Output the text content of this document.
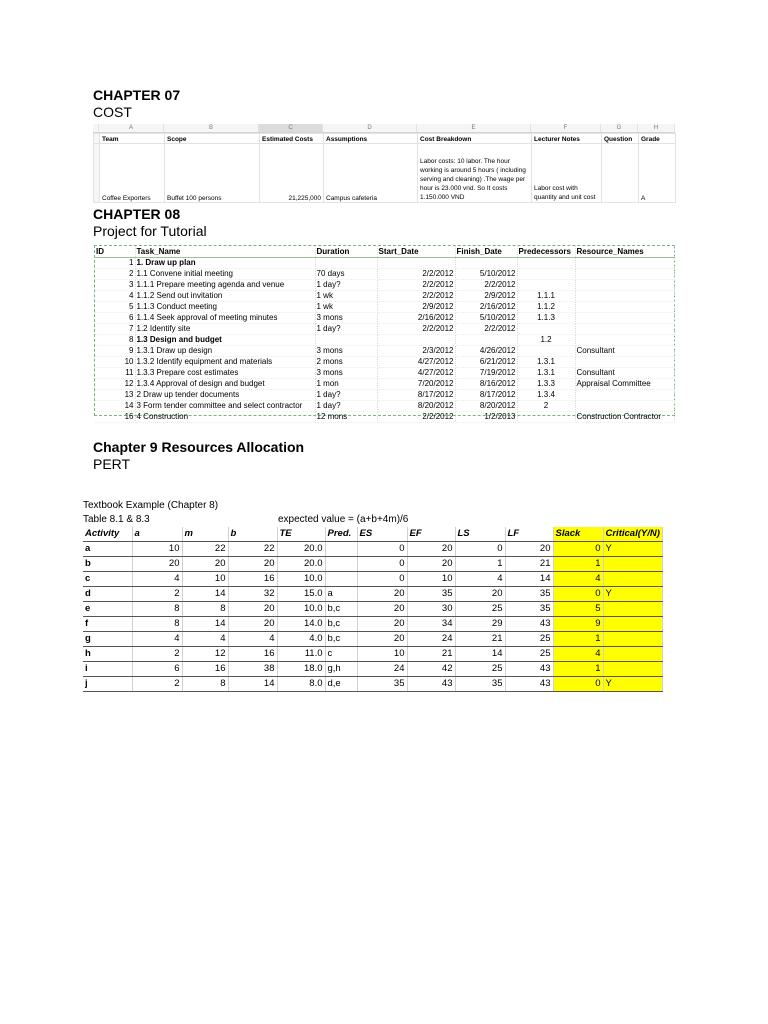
CHAPTER 07
COST
A	B	C	D	E	F	G	H
	Team	Scope	Estimated Costs	Assumptions	Cost Breakdown	Lecturer Notes	Question	Grade
	Coffee Exporters	Buffet 100 persons	21,225,000	Campus cafeteria	Labor costs: 10 labor. The hour working is around 5 hours ( including serving and cleaning) .The wage per hour is 23.000 vnd. So It costs 1.150.000 VND	Labor cost with quantity and unit cost		A
CHAPTER 08
Project for Tutorial
ID	Task_Name	Duration	Start_Date	Finish_Date	Predecessors	Resource_Names
1	1. Draw up plan					
2	1.1 Convene initial meeting	70 days	2/2/2012	5/10/2012		
3	1.1.1 Prepare meeting agenda and venue	1 day?	2/2/2012	2/2/2012		
4	1.1.2 Send out invitation	1 wk	2/2/2012	2/9/2012	1.1.1	
5	1.1.3 Conduct meeting	1 wk	2/9/2012	2/16/2012	1.1.2	
6	1.1.4 Seek approval of meeting minutes	3 mons	2/16/2012	5/10/2012	1.1.3	
7	1.2 Identify site	1 day?	2/2/2012	2/2/2012		
8	1.3 Design and budget				1.2	
9	1.3.1 Draw up design	3 mons	2/3/2012	4/26/2012		Consultant
10	1.3.2 Identify equipment and materials	2 mons	4/27/2012	6/21/2012	1.3.1	
11	1.3.3 Prepare cost estimates	3 mons	4/27/2012	7/19/2012	1.3.1	Consultant
12	1.3.4 Approval of design and budget	1 mon	7/20/2012	8/16/2012	1.3.3	Appraisal Committee
13	2 Draw up tender documents	1 day?	8/17/2012	8/17/2012	1.3.4	
14	3 Form tender committee and select contractor	1 day?	8/20/2012	8/20/2012	2	
16	4 Construction	12 mons	2/2/2012	1/2/2013		Construction Contractor
Chapter 9 Resources Allocation
PERT
Textbook Example (Chapter 8)
Table 8.1 & 8.3	expected value = (a+b+4m)/6
Activity	a	m	b	TE	Pred.	ES	EF	LS	LF	Slack	Critical(Y/N)
a	10	22	22	20.0		0	20	0	20	0	Y
b	20	20	20	20.0		0	20	1	21	1	
c	4	10	16	10.0		0	10	4	14	4	
d	2	14	32	15.0	a	20	35	20	35	0	Y
e	8	8	20	10.0	b,c	20	30	25	35	5	
f	8	14	20	14.0	b,c	20	34	29	43	9	
g	4	4	4	4.0	b,c	20	24	21	25	1	
h	2	12	16	11.0	c	10	21	14	25	4	
i	6	16	38	18.0	g,h	24	42	25	43	1	
j	2	8	14	8.0	d,e	35	43	35	43	0	Y
